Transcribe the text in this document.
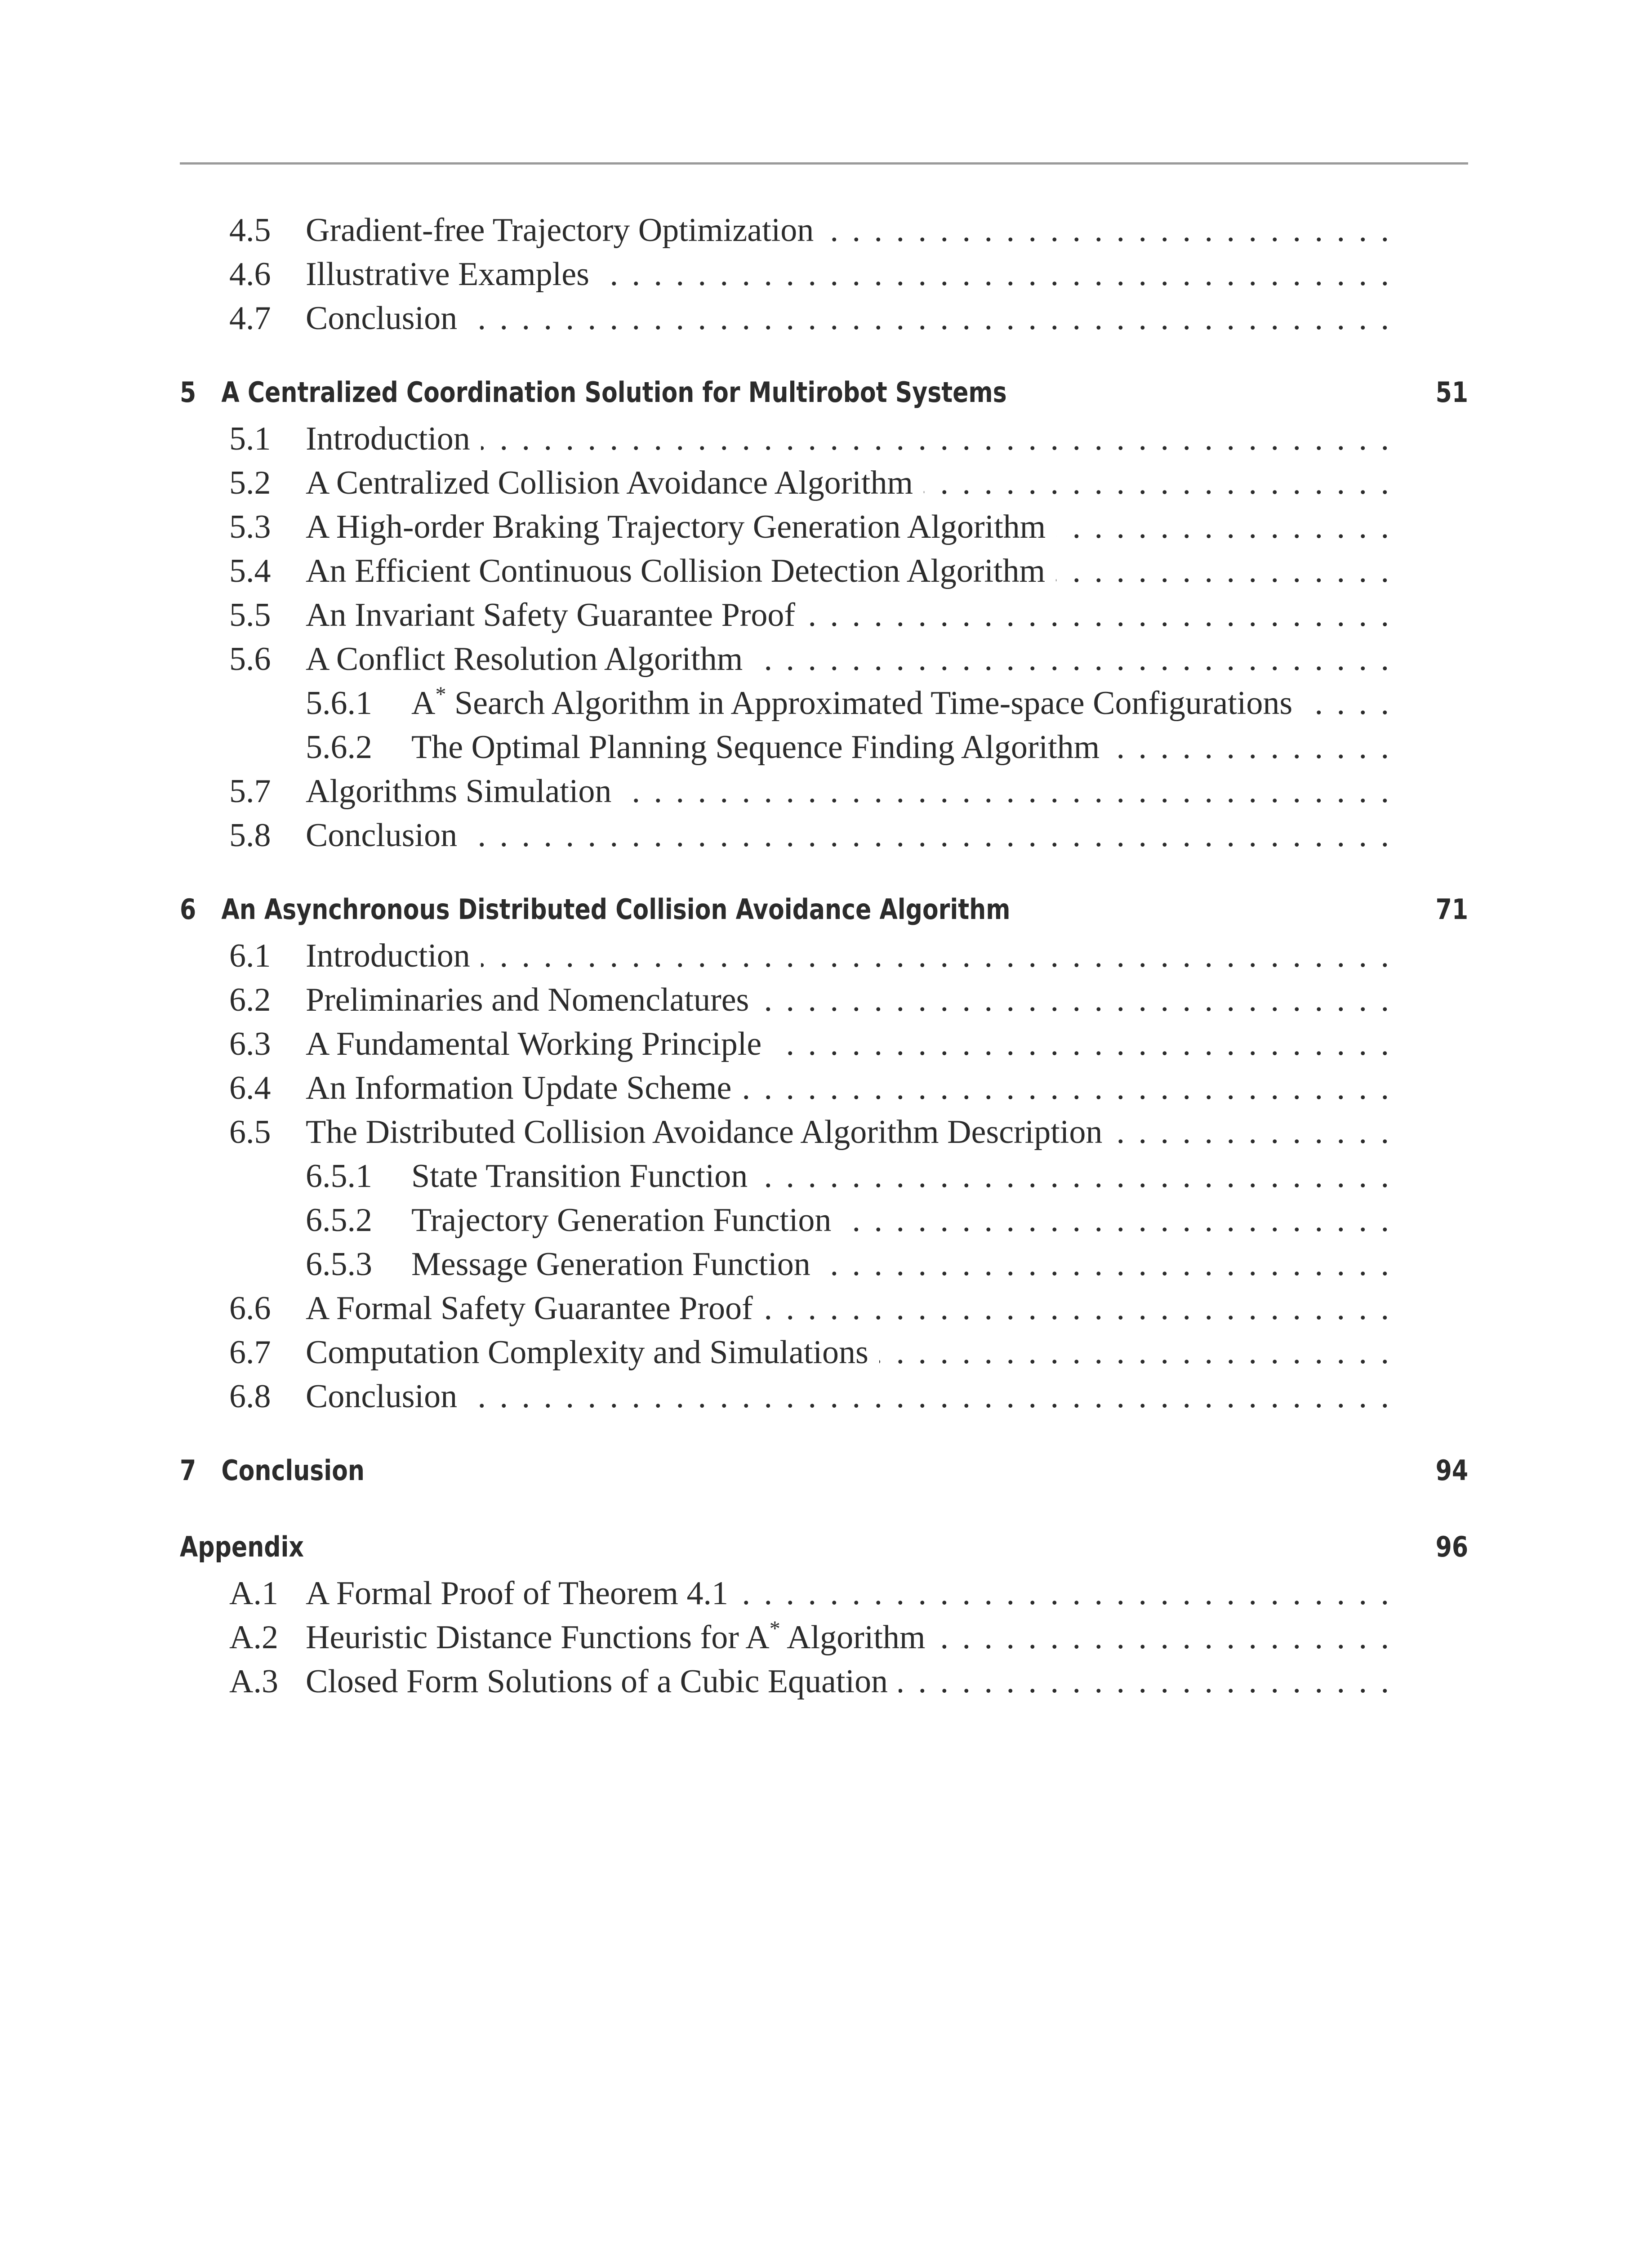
4.5	Gradient-free Trajectory Optimization
. . .
4.6	Illustrative Examples
. . .
4.7	Conclusion
. . .
5 A Centralized Coordination Solution for Multirobot Systems	51
5.1	Introduction
. . .
5.2	A Centralized Collision Avoidance Algorithm
. . .
5.3	A High-order Braking Trajectory Generation Algorithm
. . .
5.4	An Efficient Continuous Collision Detection Algorithm
. . .
5.5	An Invariant Safety Guarantee Proof
. . .
5.6	A Conflict Resolution Algorithm
. . .
5.6.1	A* Search Algorithm in Approximated Time-space Configurations
. . .
5.6.2	The Optimal Planning Sequence Finding Algorithm
. . .
5.7	Algorithms Simulation
. . .
5.8	Conclusion
. . .
6 An Asynchronous Distributed Collision Avoidance Algorithm	71
6.1	Introduction
. . .
6.2	Preliminaries and Nomenclatures
. . .
6.3	A Fundamental Working Principle
. . .
6.4	An Information Update Scheme
. . .
6.5	The Distributed Collision Avoidance Algorithm Description
. . .
6.5.1	State Transition Function
. . .
6.5.2	Trajectory Generation Function
. . .
6.5.3	Message Generation Function
. . .
6.6	A Formal Safety Guarantee Proof
. . .
6.7	Computation Complexity and Simulations
. . .
6.8	Conclusion
. . .
7 Conclusion	94
Appendix	96
A.1 A Formal Proof of Theorem 4.1
. . .
A.2 Heuristic Distance Functions for A* Algorithm
. . .
A.3 Closed Form Solutions of a Cubic Equation
. . .
